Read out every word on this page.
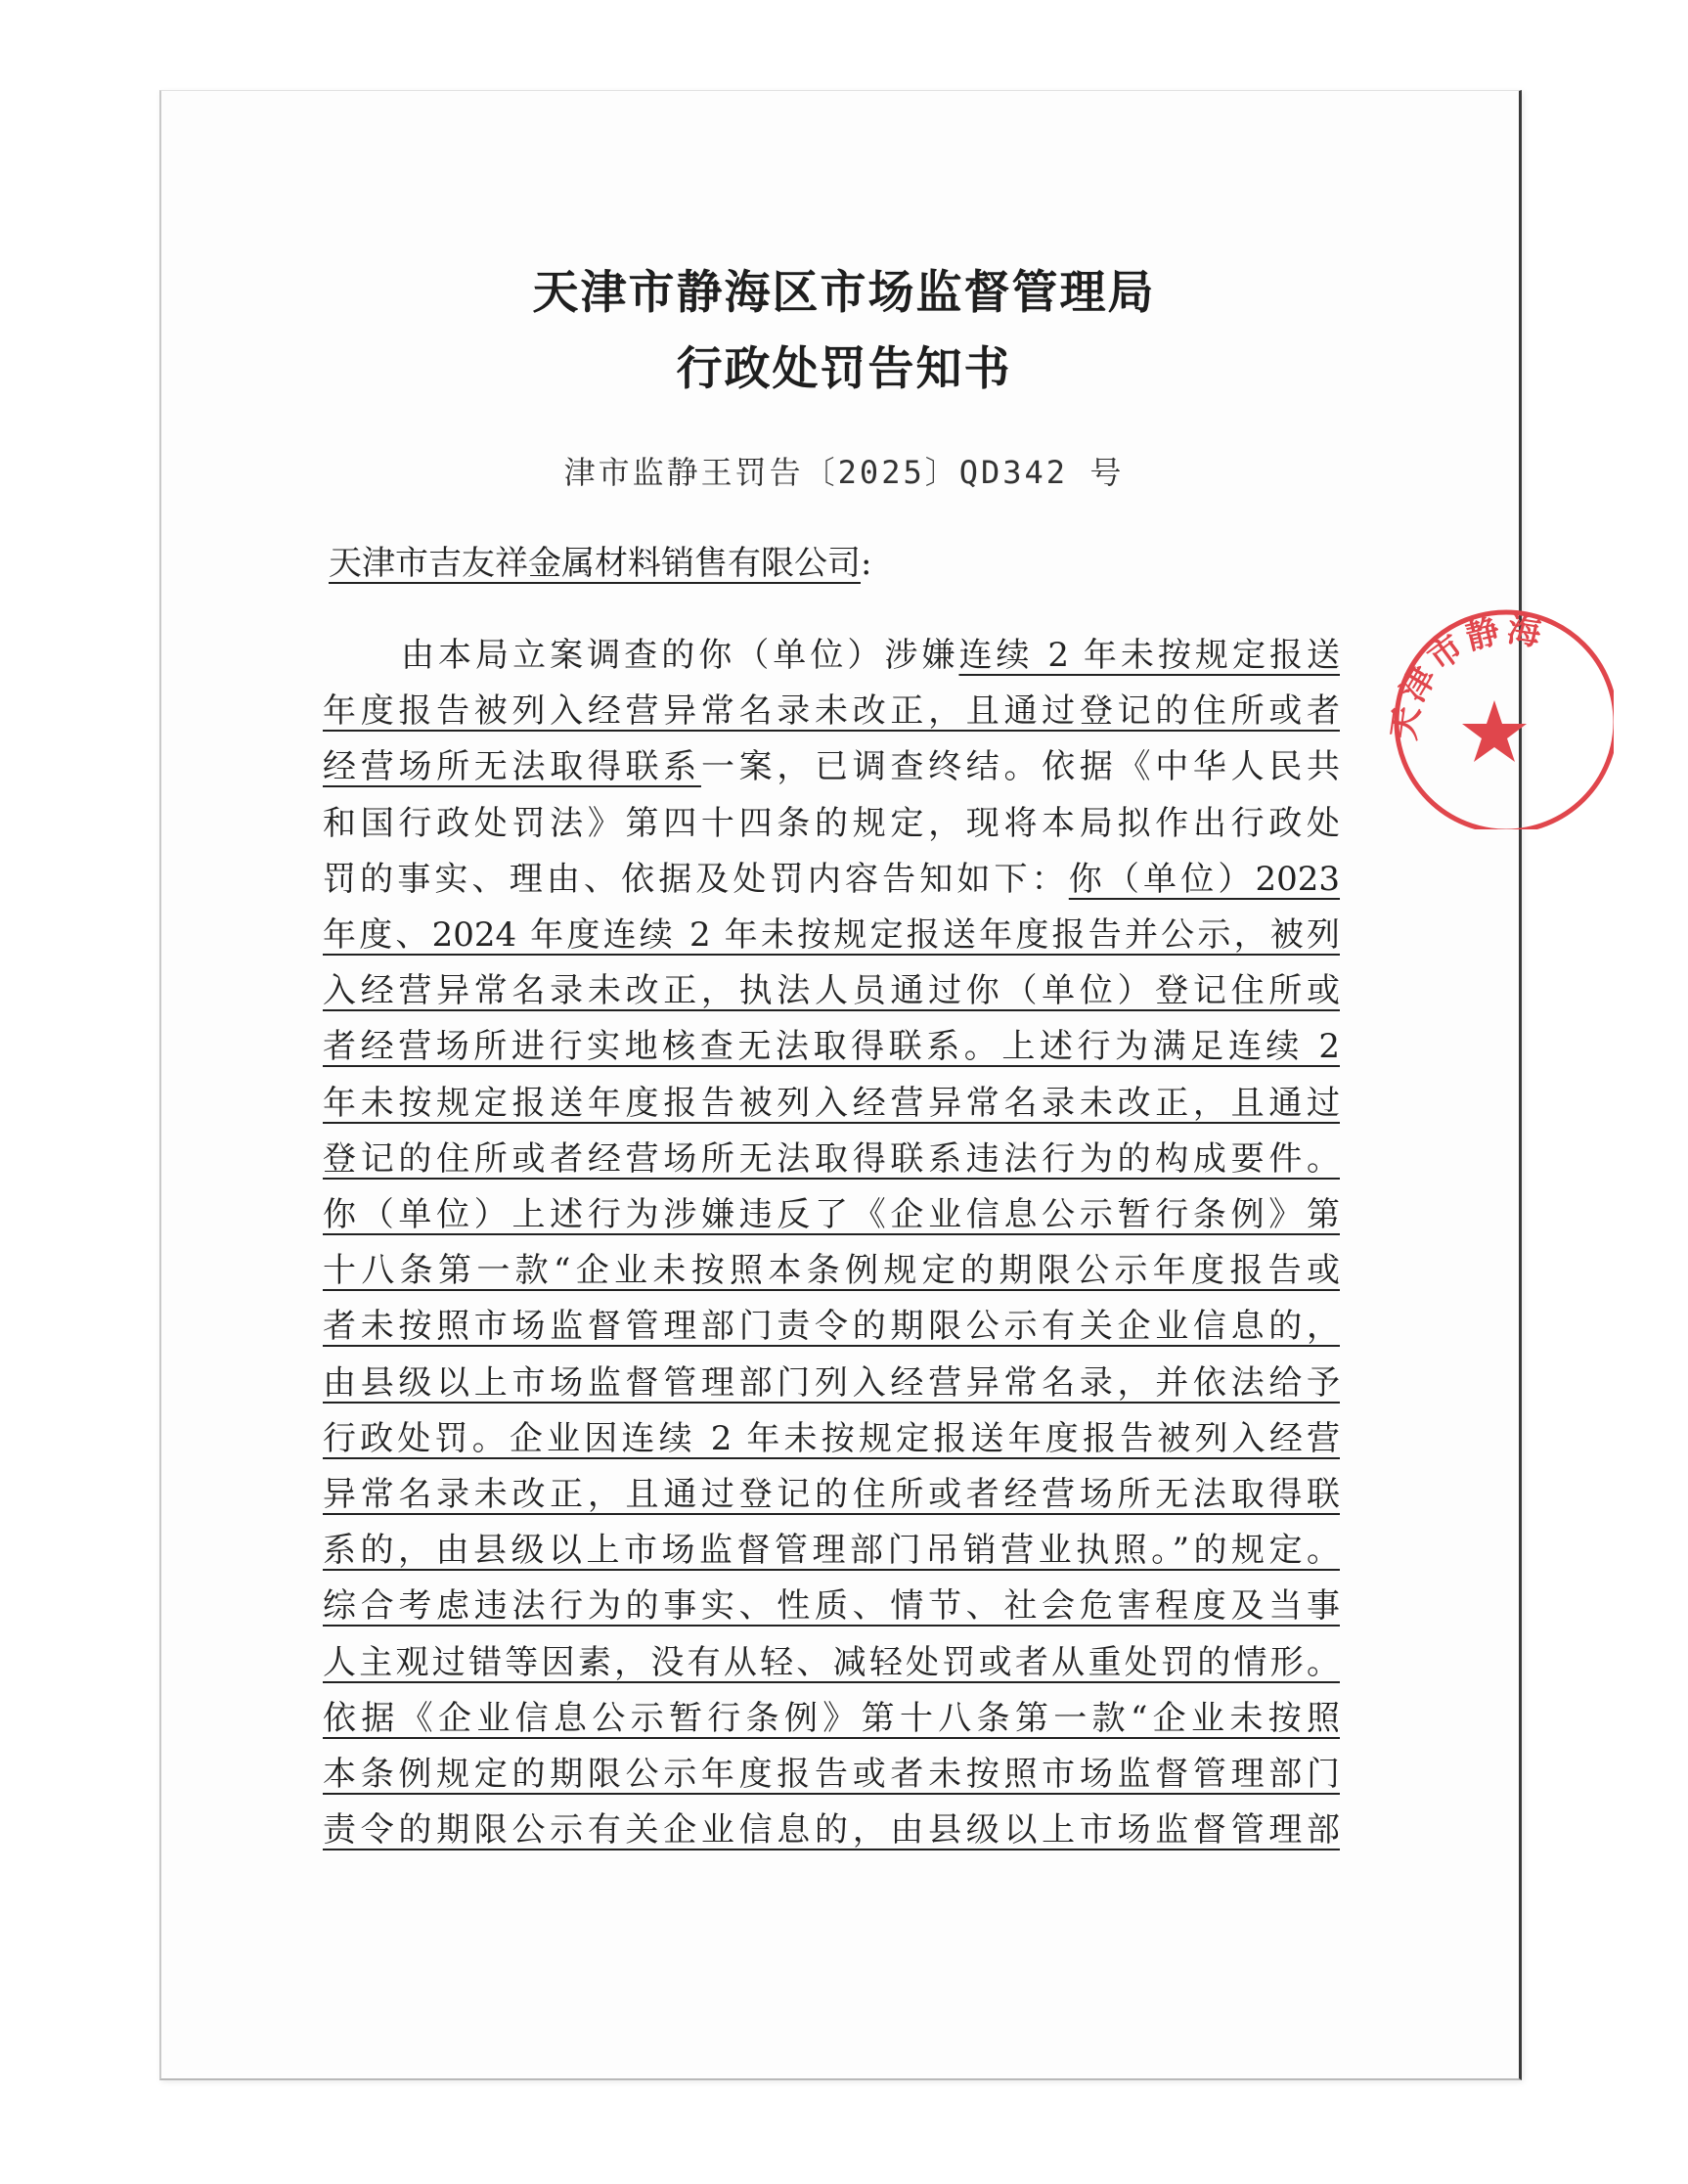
天津市静海区市场监督管理局
行政处罚告知书
津市监静王罚告〔2025〕QD342 号
天津市吉友祥金属材料销售有限公司:
由本局立案调查的你（单位）涉嫌连续 2 年未按规定报送
年度报告被列入经营异常名录未改正，且通过登记的住所或者
经营场所无法取得联系一案，已调查终结。依据《中华人民共
和国行政处罚法》第四十四条的规定，现将本局拟作出行政处
罚的事实、理由、依据及处罚内容告知如下：你（单位）2023
年度、2024 年度连续 2 年未按规定报送年度报告并公示，被列
入经营异常名录未改正，执法人员通过你（单位）登记住所或
者经营场所进行实地核查无法取得联系。上述行为满足连续 2
年未按规定报送年度报告被列入经营异常名录未改正，且通过
登记的住所或者经营场所无法取得联系违法行为的构成要件。
你（单位）上述行为涉嫌违反了《企业信息公示暂行条例》第
十八条第一款“企业未按照本条例规定的期限公示年度报告或
者未按照市场监督管理部门责令的期限公示有关企业信息的，
由县级以上市场监督管理部门列入经营异常名录，并依法给予
行政处罚。企业因连续 2 年未按规定报送年度报告被列入经营
异常名录未改正，且通过登记的住所或者经营场所无法取得联
系的，由县级以上市场监督管理部门吊销营业执照。”的规定。
综合考虑违法行为的事实、性质、情节、社会危害程度及当事
人主观过错等因素，没有从轻、减轻处罚或者从重处罚的情形。
依据《企业信息公示暂行条例》第十八条第一款“企业未按照
本条例规定的期限公示年度报告或者未按照市场监督管理部门
责令的期限公示有关企业信息的，由县级以上市场监督管理部
天津市静海
